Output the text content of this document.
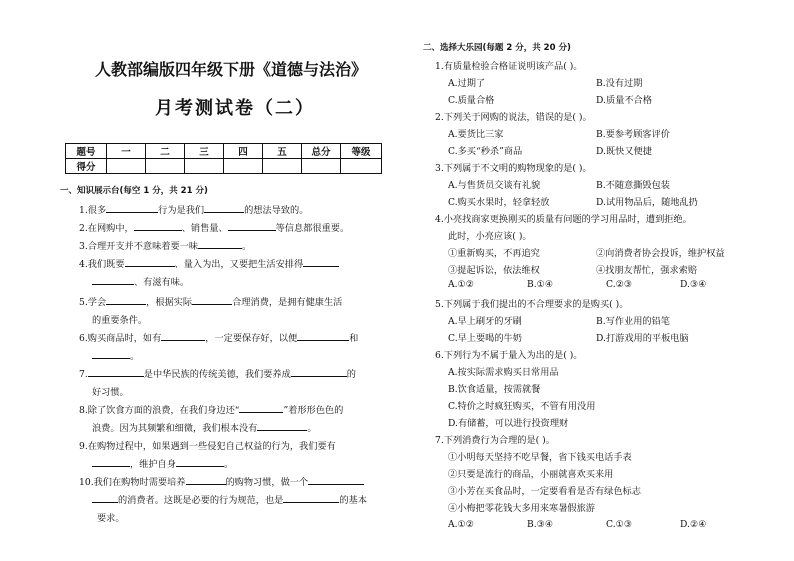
人教部编版四年级下册《道德与法治》
月考测试卷（二）
题号	一	二	三	四	五	总分	等级
得分							
一、知识展示台(每空 1 分，共 21 分)
1.很多	行为是我们	的想法导致的。
2.在网购中，	、销售量、	等信息都很重要。
3.合理开支并不意味着要一味	。
4.我们既要	、量入为出，又要把生活安排得
、有滋有味。
5.学会	，根据实际	合理消费，是拥有健康生活
的重要条件。
6.购买商品时，如有	，一定要保存好，以便	和
。
7.	是中华民族的传统美德，我们要养成	的
好习惯。
8.除了饮食方面的浪费，在我们身边还“	”着形形色色的
浪费。因为其频繁和细微，我们根本没有	。
9.在购物过程中，如果遇到一些侵犯自己权益的行为，我们要有
，维护自身	。
10.我们在购物时需要培养	的购物习惯，做一个
的消费者。这既是必要的行为规范，也是	的基本
要求。
二、选择大乐园(每题 2 分，共 20 分)
1.有质量检验合格证说明该产品( )。
A.过期了	B.没有过期
C.质量合格	D.质量不合格
2.下列关于网购的说法，错误的是( )。
A.要货比三家	B.要参考顾客评价
C.多买“秒杀”商品	D.既快又便捷
3.下列属于不文明的购物现象的是( )。
A.与售货员交谈有礼貌	B.不随意撕毁包装
C.购买水果时，轻拿轻放	D.试用物品后，随地乱扔
4.小亮找商家更换刚买的质量有问题的学习用品时，遭到拒绝。
此时，小亮应该( )。
①重新购买，不再追究	②向消费者协会投诉，维护权益
③提起诉讼，依法维权	④找朋友帮忙，强求索赔
A.①②	B.①④	C.②③	D.③④
5.下列属于我们提出的不合理要求的是购买( )。
A.早上刷牙的牙刷	B.写作业用的铅笔
C.早上要喝的牛奶	D.打游戏用的平板电脑
6.下列行为不属于量入为出的是( )。
A.按实际需求购买日常用品
B.饮食适量，按需就餐
C.特价之时疯狂购买，不管有用没用
D.有储蓄，可以进行投资理财
7.下列消费行为合理的是( )。
①小明每天坚持不吃早餐，省下钱买电话手表
②只要是流行的商品，小丽就喜欢买来用
③小芳在买食品时，一定要看看是否有绿色标志
④小梅把零花钱大多用来寒暑假旅游
A.①②	B.③④	C.①③	D.②④
